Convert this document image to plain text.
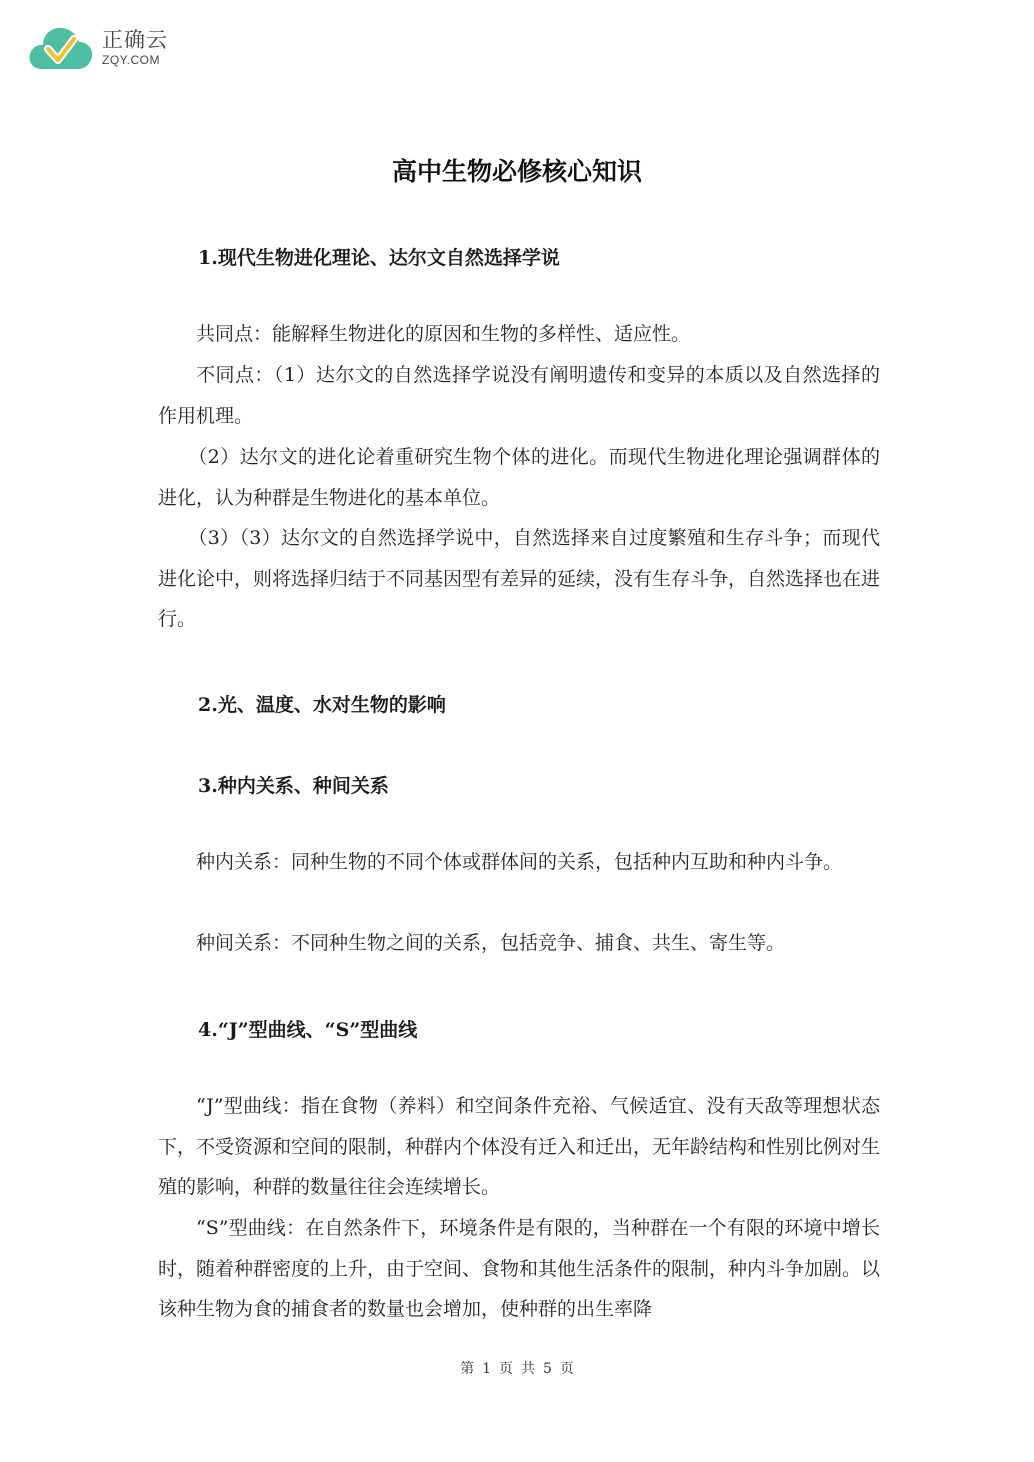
正确云
ZQY.COM
高中生物必修核心知识
1.现代生物进化理论、达尔文自然选择学说

共同点：能解释生物进化的原因和生物的多样性、适应性。

不同点：（1）达尔文的自然选择学说没有阐明遗传和变异的本质以及自然选择的作用机理。

（2）达尔文的进化论着重研究生物个体的进化。而现代生物进化理论强调群体的进化，认为种群是生物进化的基本单位。

（3）（3）达尔文的自然选择学说中，自然选择来自过度繁殖和生存斗争；而现代进化论中，则将选择归结于不同基因型有差异的延续，没有生存斗争，自然选择也在进行。

2.光、温度、水对生物的影响
3.种内关系、种间关系

种内关系：同种生物的不同个体或群体间的关系，包括种内互助和种内斗争。

种间关系：不同种生物之间的关系，包括竞争、捕食、共生、寄生等。

4.“J”型曲线、“S”型曲线

“J”型曲线：指在食物（养料）和空间条件充裕、气候适宜、没有天敌等理想状态下，不受资源和空间的限制，种群内个体没有迁入和迁出，无年龄结构和性别比例对生殖的影响，种群的数量往往会连续增长。

“S”型曲线：在自然条件下，环境条件是有限的，当种群在一个有限的环境中增长时，随着种群密度的上升，由于空间、食物和其他生活条件的限制，种内斗争加剧。以该种生物为食的捕食者的数量也会增加，使种群的出生率降

第 1 页 共 5 页
